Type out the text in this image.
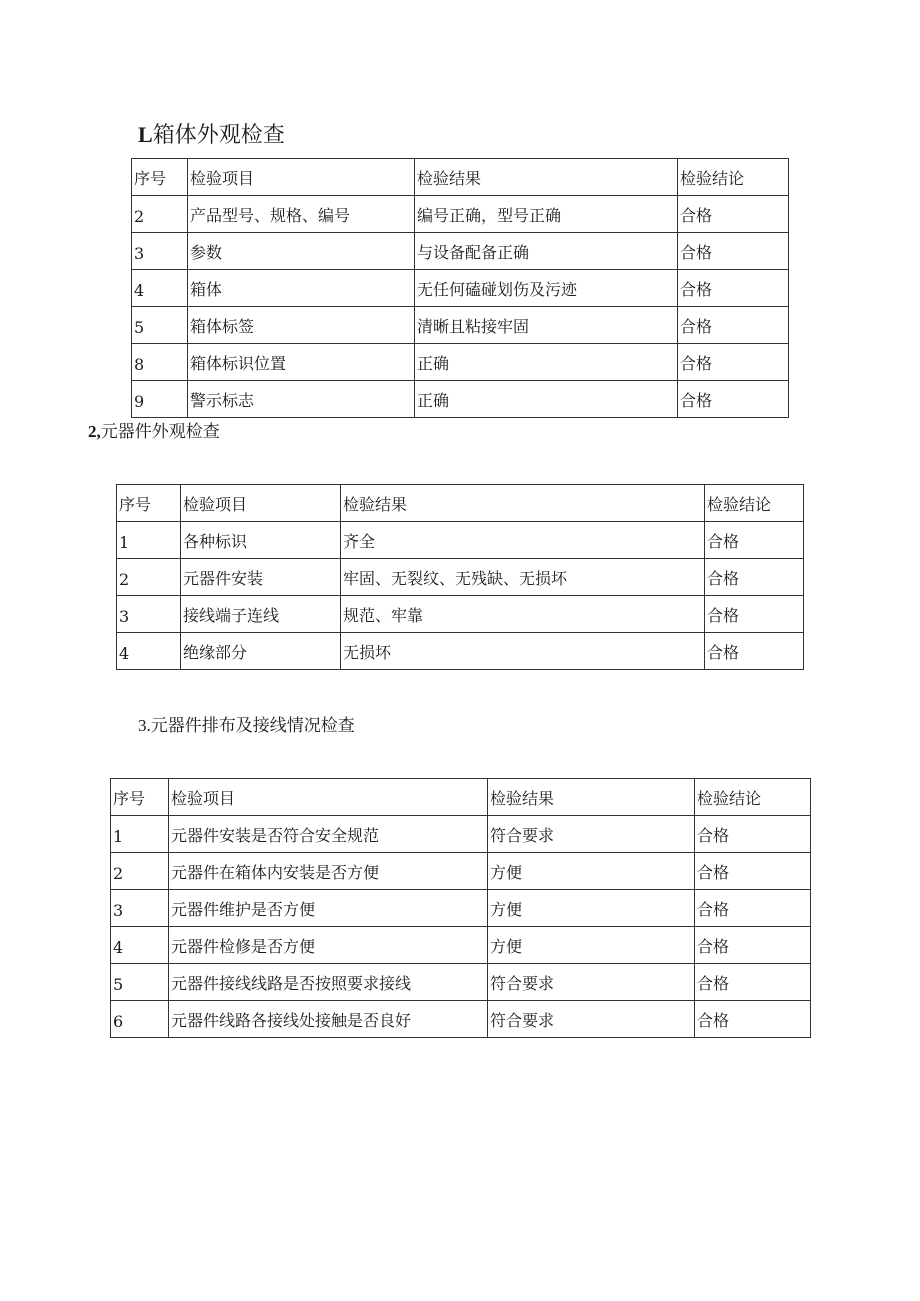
L箱体外观检查
序号	检验项目	检验结果	检验结论
2	产品型号、规格、编号	编号正确，型号正确	合格
3	参数	与设备配备正确	合格
4	箱体	无任何磕碰划伤及污迹	合格
5	箱体标签	清晰且粘接牢固	合格
8	箱体标识位置	正确	合格
9	警示标志	正确	合格
2,元器件外观检查
序号	检验项目	检验结果	检验结论
1	各种标识	齐全	合格
2	元器件安装	牢固、无裂纹、无残缺、无损坏	合格
3	接线端子连线	规范、牢靠	合格
4	绝缘部分	无损坏	合格
3.元器件排布及接线情况检查
序号	检验项目	检验结果	检验结论
1	元器件安装是否符合安全规范	符合要求	合格
2	元器件在箱体内安装是否方便	方便	合格
3	元器件维护是否方便	方便	合格
4	元器件检修是否方便	方便	合格
5	元器件接线线路是否按照要求接线	符合要求	合格
6	元器件线路各接线处接触是否良好	符合要求	合格
